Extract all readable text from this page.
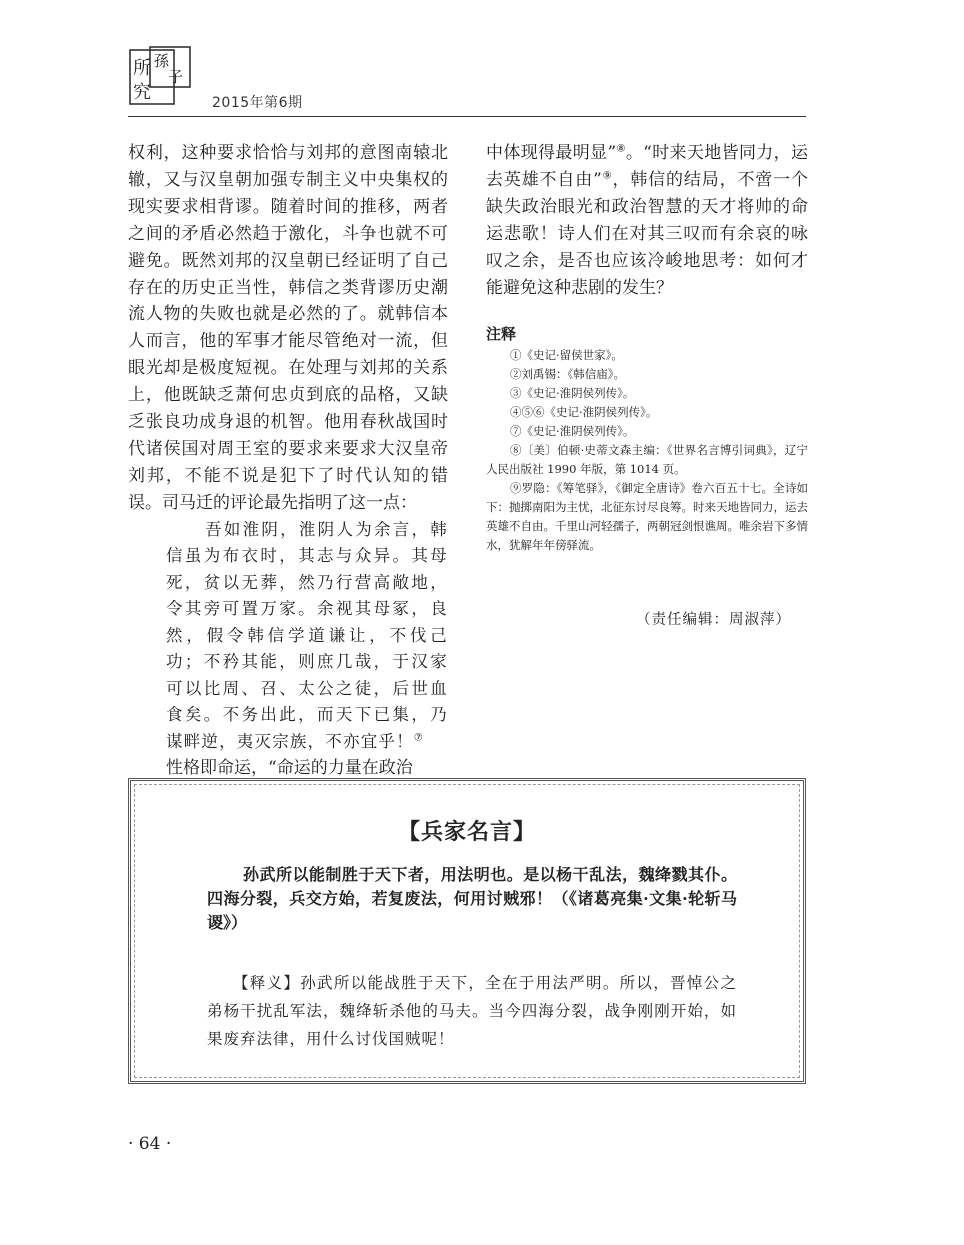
所
究
孫
子
2015年第6期

权利，这种要求恰恰与刘邦的意图南辕北辙，又与汉皇朝加强专制主义中央集权的现实要求相背谬。随着时间的推移，两者之间的矛盾必然趋于激化，斗争也就不可避免。既然刘邦的汉皇朝已经证明了自己存在的历史正当性，韩信之类背谬历史潮流人物的失败也就是必然的了。就韩信本人而言，他的军事才能尽管绝对一流，但眼光却是极度短视。在处理与刘邦的关系上，他既缺乏萧何忠贞到底的品格，又缺乏张良功成身退的机智。他用春秋战国时代诸侯国对周王室的要求来要求大汉皇帝刘邦，不能不说是犯下了时代认知的错误。司马迁的评论最先指明了这一点：

吾如淮阴，淮阴人为余言，韩信虽为布衣时，其志与众异。其母死，贫以无葬，然乃行营高敞地，令其旁可置万家。余视其母冢，良然，假令韩信学道谦让，不伐己功；不矜其能，则庶几哉，于汉家可以比周、召、太公之徒，后世血食矣。不务出此，而天下已集，乃谋畔逆，夷灭宗族，不亦宜乎！⑦

性格即命运，“命运的力量在政治

中体现得最明显”⑧。“时来天地皆同力，运去英雄不自由”⑨，韩信的结局，不啻一个缺失政治眼光和政治智慧的天才将帅的命运悲歌！诗人们在对其三叹而有余哀的咏叹之余，是否也应该冷峻地思考：如何才能避免这种悲剧的发生？

注释

①《史记·留侯世家》。

②刘禹锡：《韩信庙》。

③《史记·淮阴侯列传》。

④⑤⑥《史记·淮阴侯列传》。

⑦《史记·淮阴侯列传》。

⑧〔美〕伯顿·史蒂文森主编：《世界名言博引词典》，辽宁人民出版社 1990 年版，第 1014 页。

⑨罗隐：《筹笔驿》，《御定全唐诗》卷六百五十七。全诗如下：抛掷南阳为主忧，北征东讨尽良筹。时来天地皆同力，运去英雄不自由。千里山河轻孺子，两朝冠剑恨谯周。唯余岩下多情水，犹解年年傍驿流。

（责任编辑：周淑萍）
【兵家名言】

孙武所以能制胜于天下者，用法明也。是以杨干乱法，魏绛戮其仆。四海分裂，兵交方始，若复废法，何用讨贼邪！（《诸葛亮集·文集·轮斩马谡》）

【释义】孙武所以能战胜于天下，全在于用法严明。所以，晋悼公之弟杨干扰乱军法，魏绛斩杀他的马夫。当今四海分裂，战争刚刚开始，如果废弃法律，用什么讨伐国贼呢！

· 64 ·
